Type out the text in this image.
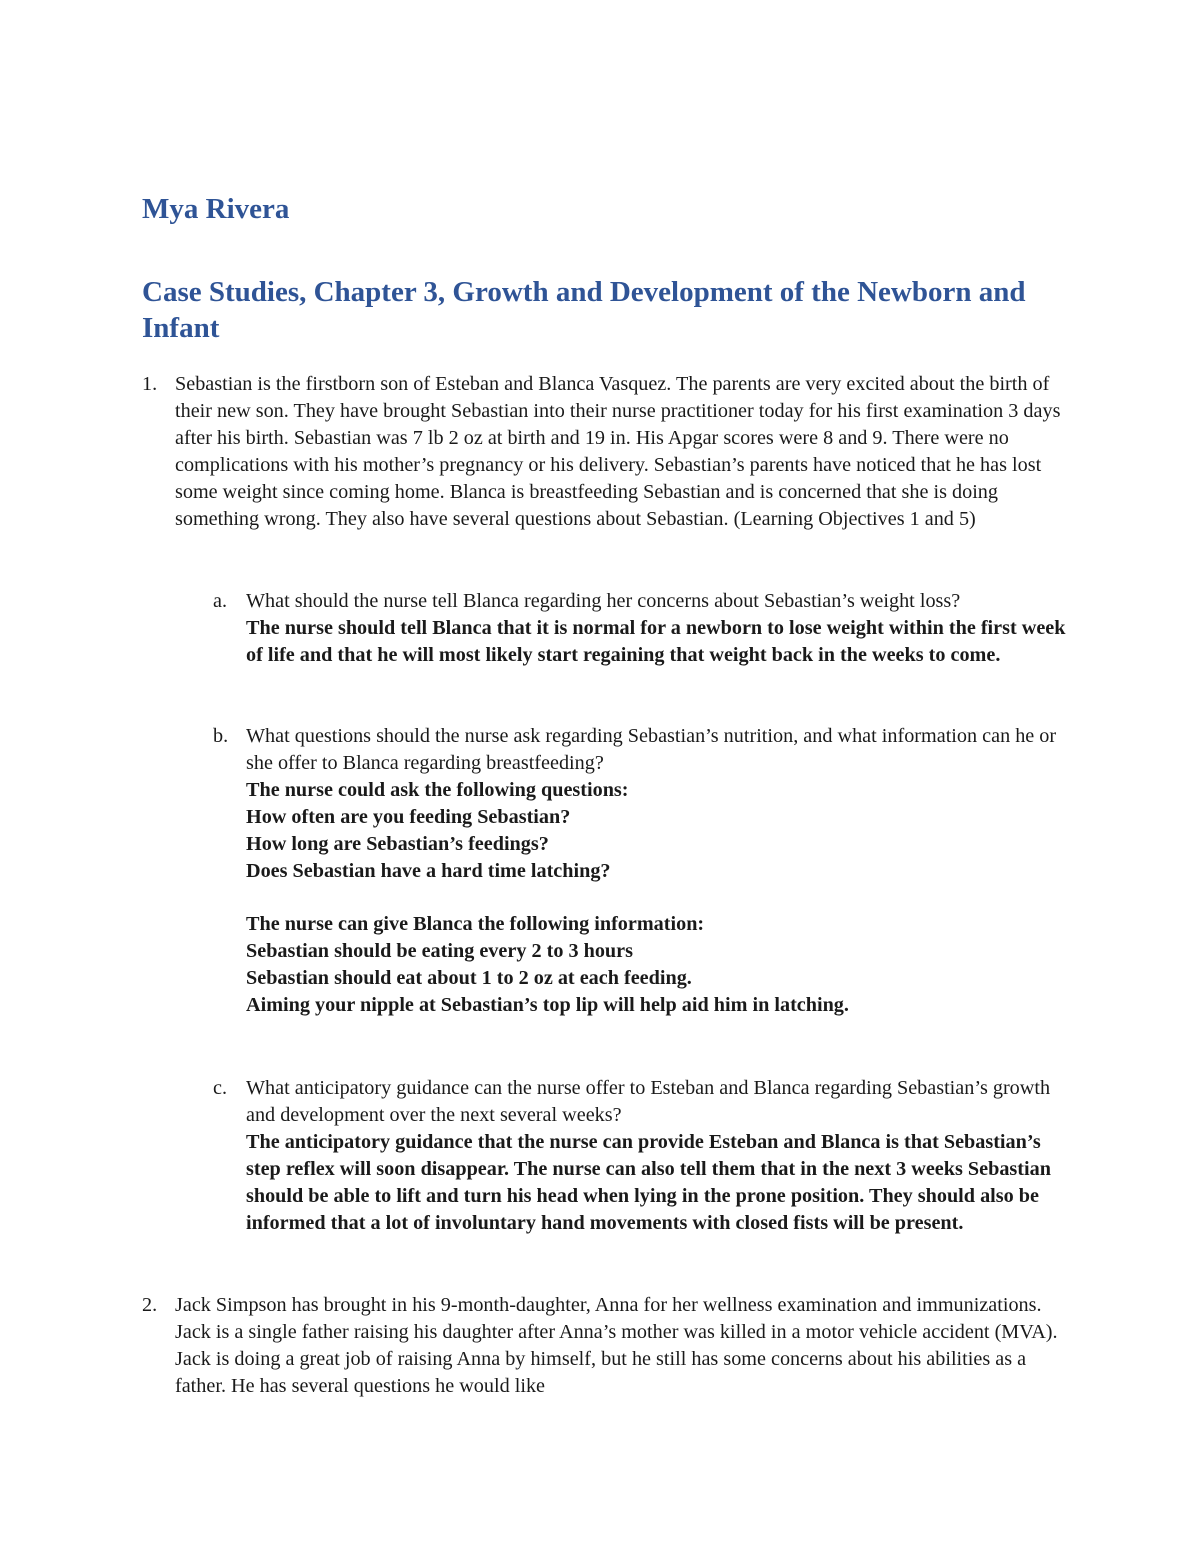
Mya Rivera
Case Studies, Chapter 3, Growth and Development of the Newborn and Infant
1. Sebastian is the firstborn son of Esteban and Blanca Vasquez. The parents are very excited about the birth of their new son. They have brought Sebastian into their nurse practitioner today for his first examination 3 days after his birth. Sebastian was 7 lb 2 oz at birth and 19 in. His Apgar scores were 8 and 9. There were no complications with his mother’s pregnancy or his delivery. Sebastian’s parents have noticed that he has lost some weight since coming home. Blanca is breastfeeding Sebastian and is concerned that she is doing something wrong. They also have several questions about Sebastian. (Learning Objectives 1 and 5)
a. What should the nurse tell Blanca regarding her concerns about Sebastian’s weight loss?
The nurse should tell Blanca that it is normal for a newborn to lose weight within the first week of life and that he will most likely start regaining that weight back in the weeks to come.
b. What questions should the nurse ask regarding Sebastian’s nutrition, and what information can he or she offer to Blanca regarding breastfeeding?
The nurse could ask the following questions:
How often are you feeding Sebastian?
How long are Sebastian’s feedings?
Does Sebastian have a hard time latching?
The nurse can give Blanca the following information:
Sebastian should be eating every 2 to 3 hours
Sebastian should eat about 1 to 2 oz at each feeding.
Aiming your nipple at Sebastian’s top lip will help aid him in latching.
c. What anticipatory guidance can the nurse offer to Esteban and Blanca regarding Sebastian’s growth and development over the next several weeks?
The anticipatory guidance that the nurse can provide Esteban and Blanca is that Sebastian’s step reflex will soon disappear. The nurse can also tell them that in the next 3 weeks Sebastian should be able to lift and turn his head when lying in the prone position. They should also be informed that a lot of involuntary hand movements with closed fists will be present.
2. Jack Simpson has brought in his 9-month-daughter, Anna for her wellness examination and immunizations. Jack is a single father raising his daughter after Anna’s mother was killed in a motor vehicle accident (MVA). Jack is doing a great job of raising Anna by himself, but he still has some concerns about his abilities as a father. He has several questions he would like
